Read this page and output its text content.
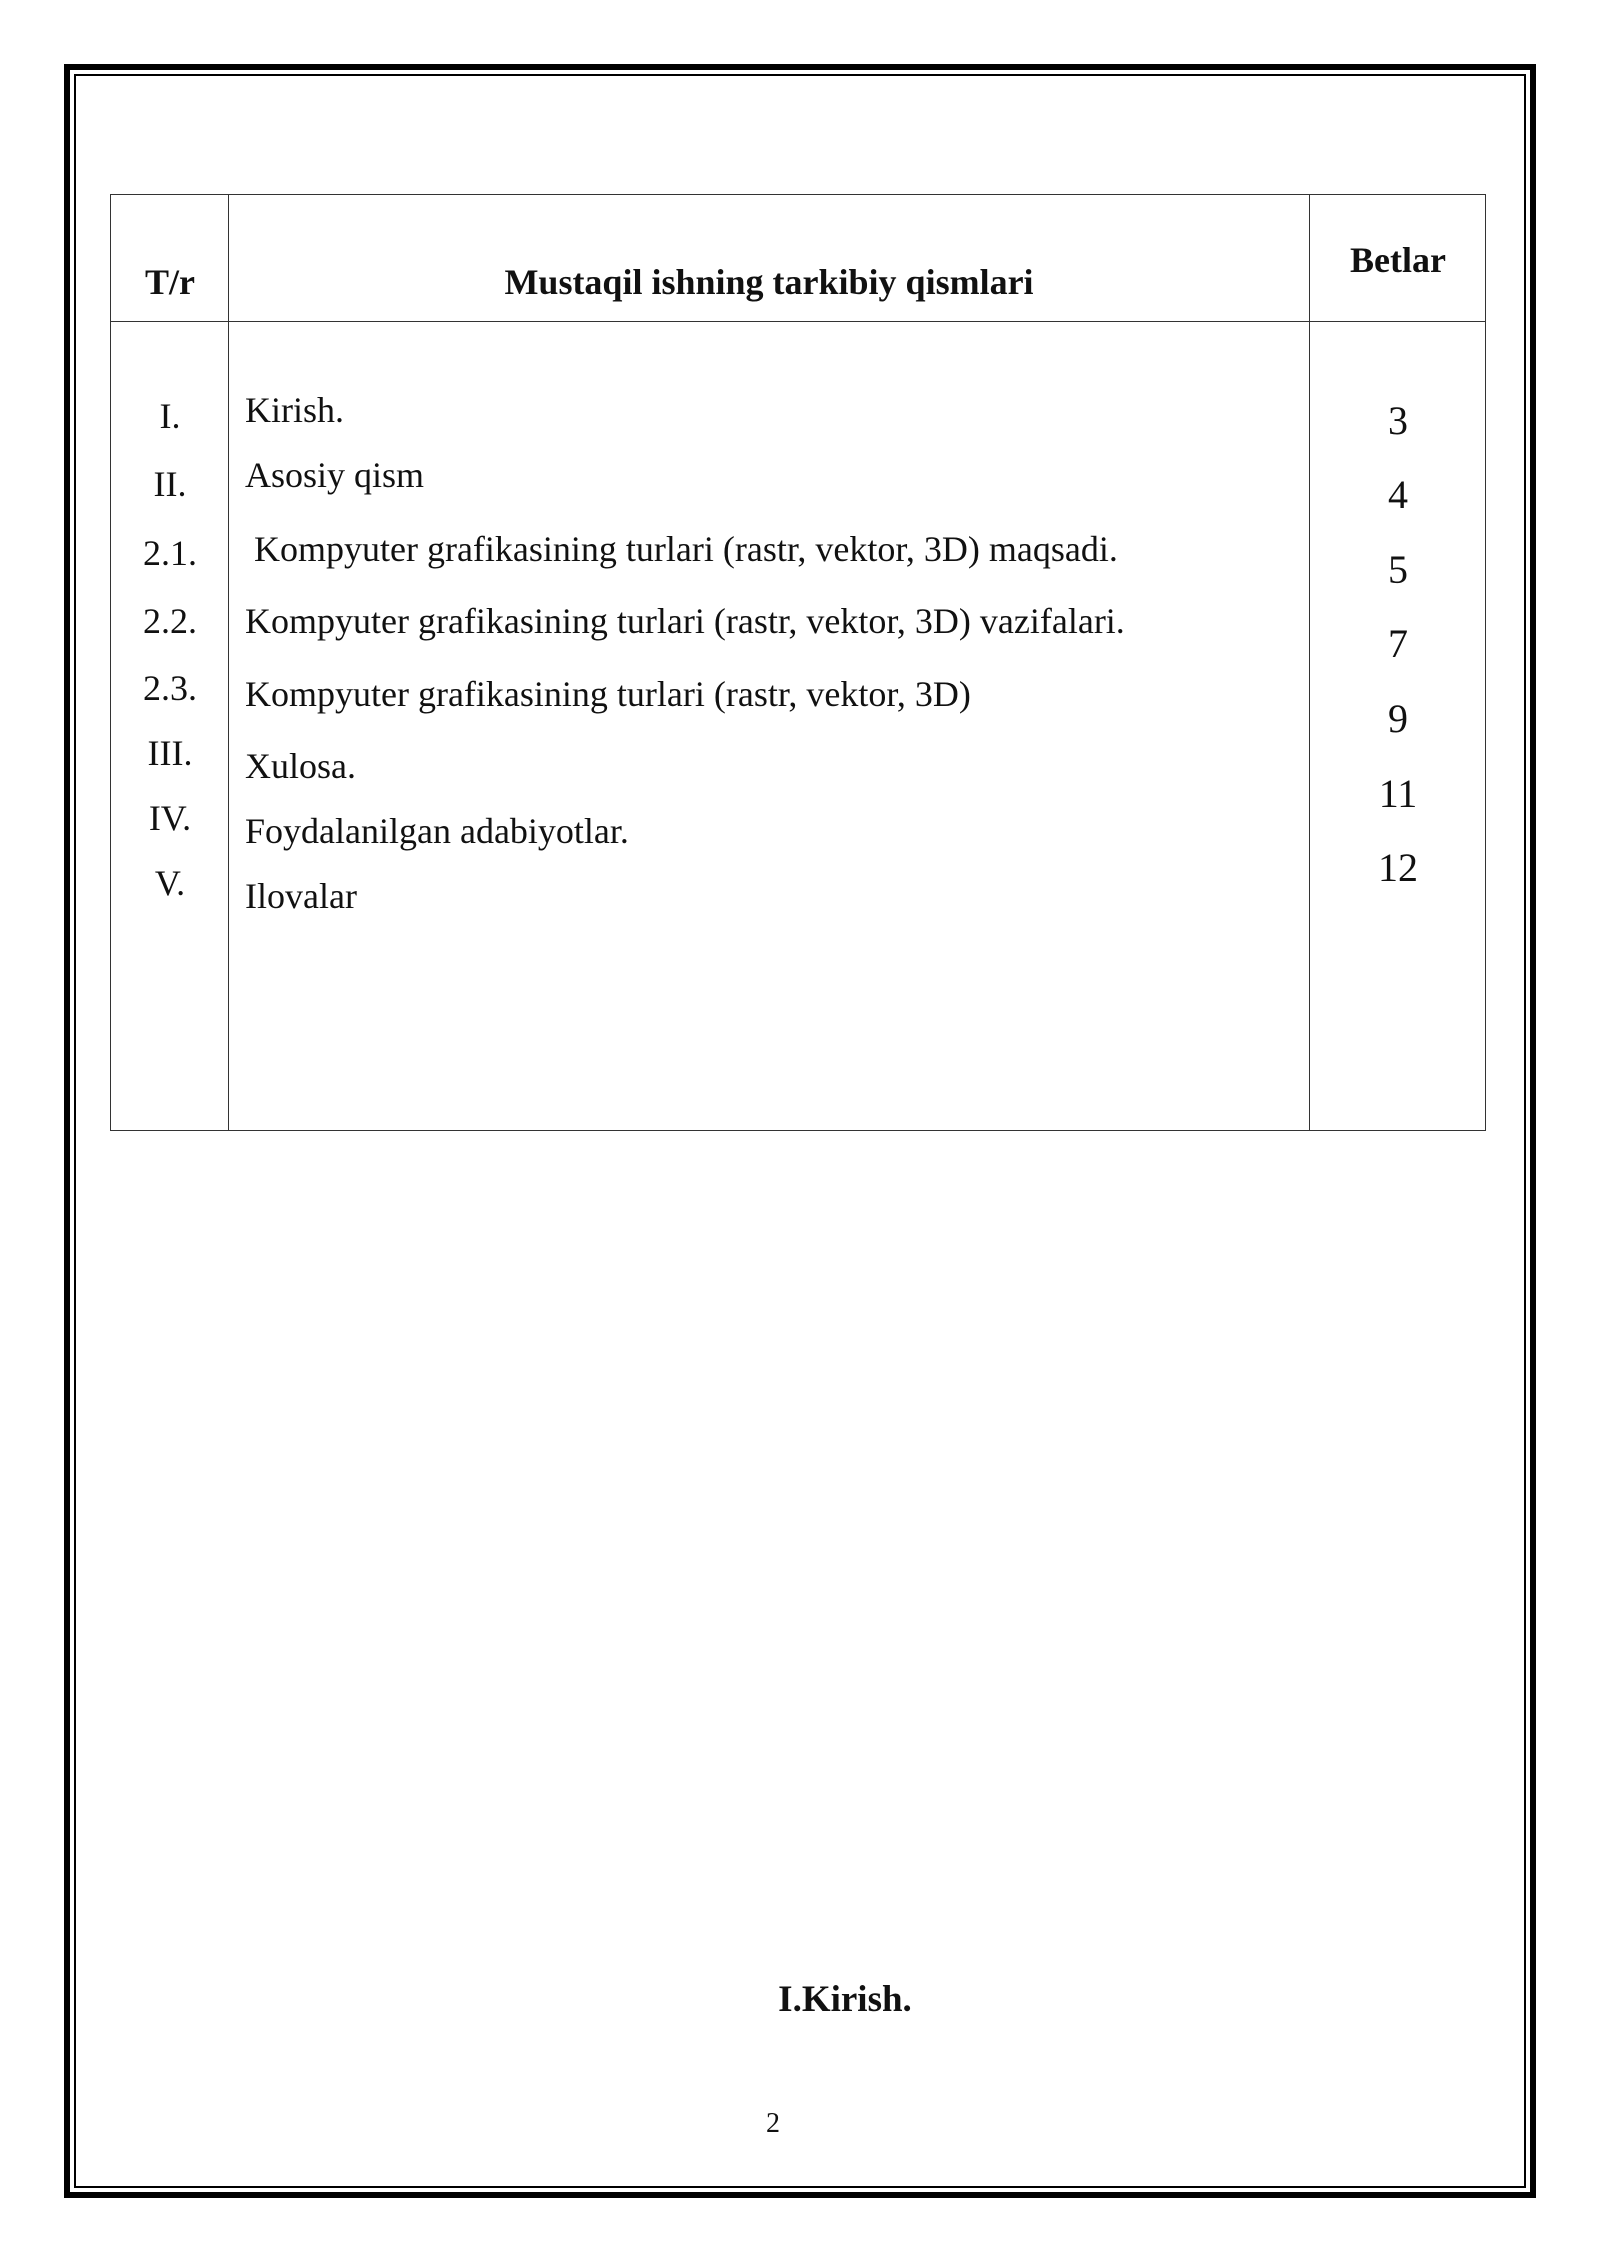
T/r	Mustaqil ishning tarkibiy qismlari
Betlar
I.
II.
2.1.
2.2.
2.3.
III.
IV.
V.
Kirish.
Asosiy qism
Kompyuter grafikasining turlari (rastr, vektor, 3D) maqsadi.
Kompyuter grafikasining turlari (rastr, vektor, 3D) vazifalari.
Kompyuter grafikasining turlari (rastr, vektor, 3D)
Xulosa.
Foydalanilgan adabiyotlar.
Ilovalar
3
4
5
7
9
11
12
I.Kirish.
2
